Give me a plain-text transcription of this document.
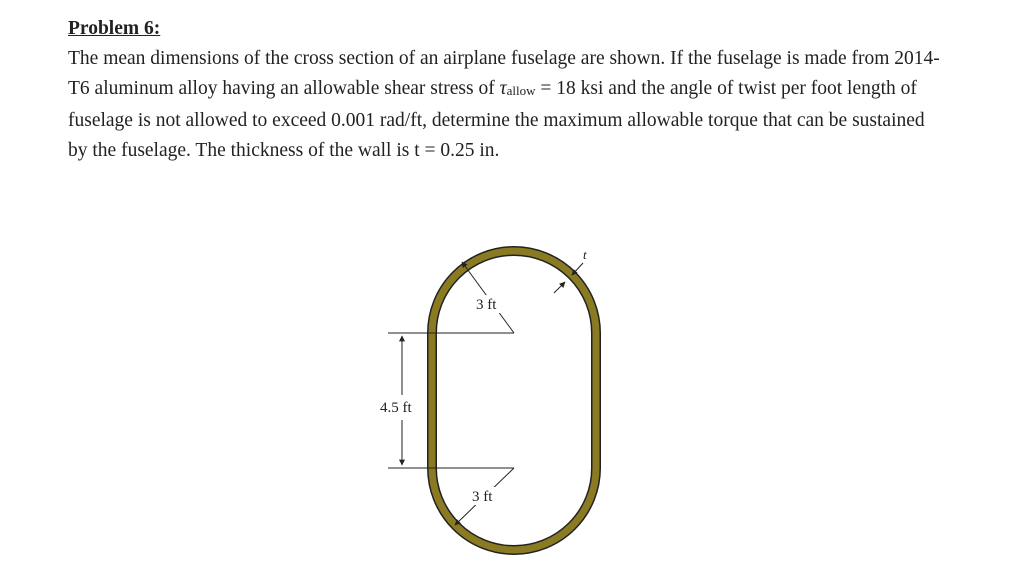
Problem 6:
The mean dimensions of the cross section of an airplane fuselage are shown. If the fuselage is made from 2014-T6 aluminum alloy having an allowable shear stress of τallow = 18 ksi and the angle of twist per foot length of fuselage is not allowed to exceed 0.001 rad/ft, determine the maximum allowable torque that can be sustained by the fuselage. The thickness of the wall is t = 0.25 in.
4.5 ft
3 ft
3 ft
t
